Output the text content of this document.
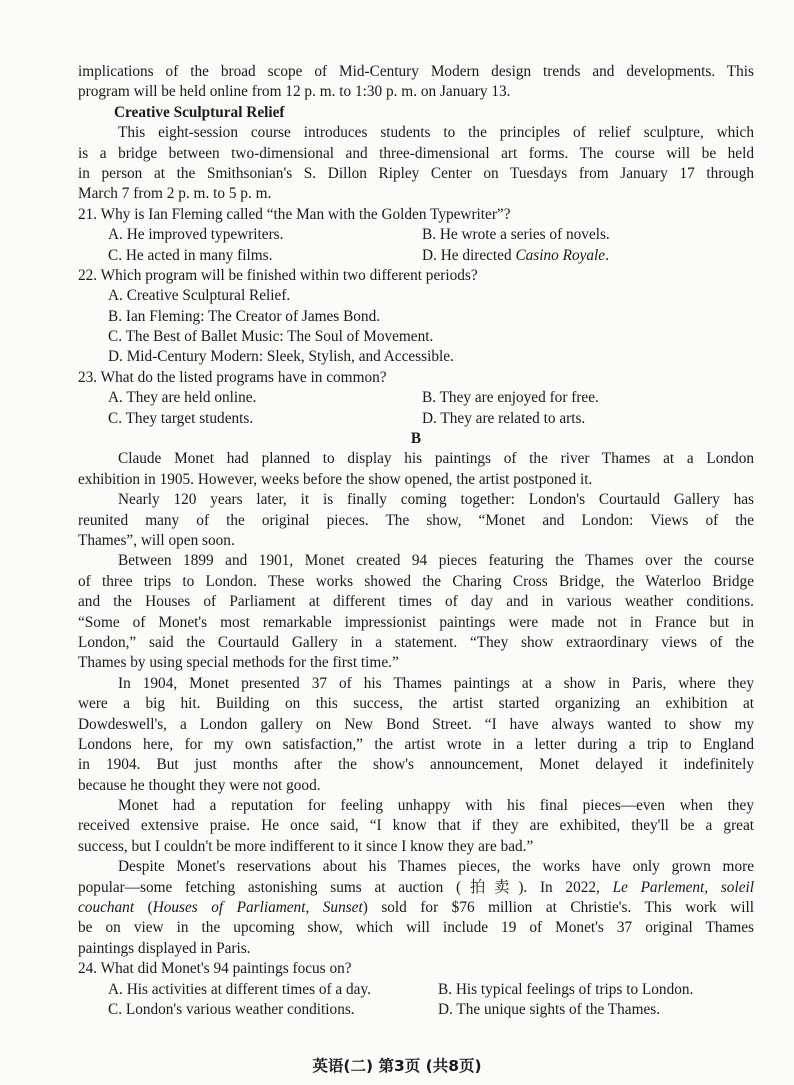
implications of the broad scope of Mid-Century Modern design trends and developments. This
program will be held online from 12 p. m. to 1:30 p. m. on January 13.
Creative Sculptural Relief
This eight-session course introduces students to the principles of relief sculpture, which
is a bridge between two-dimensional and three-dimensional art forms. The course will be held
in person at the Smithsonian's S. Dillon Ripley Center on Tuesdays from January 17 through
March 7 from 2 p. m. to 5 p. m.
21. Why is Ian Fleming called “the Man with the Golden Typewriter”?
A. He improved typewriters.	B. He wrote a series of novels.
C. He acted in many films.	D. He directed Casino Royale.
22. Which program will be finished within two different periods?
A. Creative Sculptural Relief.
B. Ian Fleming: The Creator of James Bond.
C. The Best of Ballet Music: The Soul of Movement.
D. Mid-Century Modern: Sleek, Stylish, and Accessible.
23. What do the listed programs have in common?
A. They are held online.	B. They are enjoyed for free.
C. They target students.	D. They are related to arts.
B
Claude Monet had planned to display his paintings of the river Thames at a London
exhibition in 1905. However, weeks before the show opened, the artist postponed it.
Nearly 120 years later, it is finally coming together: London's Courtauld Gallery has
reunited many of the original pieces. The show, “Monet and London: Views of the
Thames”, will open soon.
Between 1899 and 1901, Monet created 94 pieces featuring the Thames over the course
of three trips to London. These works showed the Charing Cross Bridge, the Waterloo Bridge
and the Houses of Parliament at different times of day and in various weather conditions.
“Some of Monet's most remarkable impressionist paintings were made not in France but in
London,” said the Courtauld Gallery in a statement. “They show extraordinary views of the
Thames by using special methods for the first time.”
In 1904, Monet presented 37 of his Thames paintings at a show in Paris, where they
were a big hit. Building on this success, the artist started organizing an exhibition at
Dowdeswell's, a London gallery on New Bond Street. “I have always wanted to show my
Londons here, for my own satisfaction,” the artist wrote in a letter during a trip to England
in 1904. But just months after the show's announcement, Monet delayed it indefinitely
because he thought they were not good.
Monet had a reputation for feeling unhappy with his final pieces—even when they
received extensive praise. He once said, “I know that if they are exhibited, they'll be a great
success, but I couldn't be more indifferent to it since I know they are bad.”
Despite Monet's reservations about his Thames pieces, the works have only grown more
popular—some fetching astonishing sums at auction (拍卖). In 2022, Le Parlement, soleil
couchant (Houses of Parliament, Sunset) sold for $76 million at Christie's. This work will
be on view in the upcoming show, which will include 19 of Monet's 37 original Thames
paintings displayed in Paris.
24. What did Monet's 94 paintings focus on?
A. His activities at different times of a day.	B. His typical feelings of trips to London.
C. London's various weather conditions.	D. The unique sights of the Thames.
英语(二) 第3页 (共8页)
